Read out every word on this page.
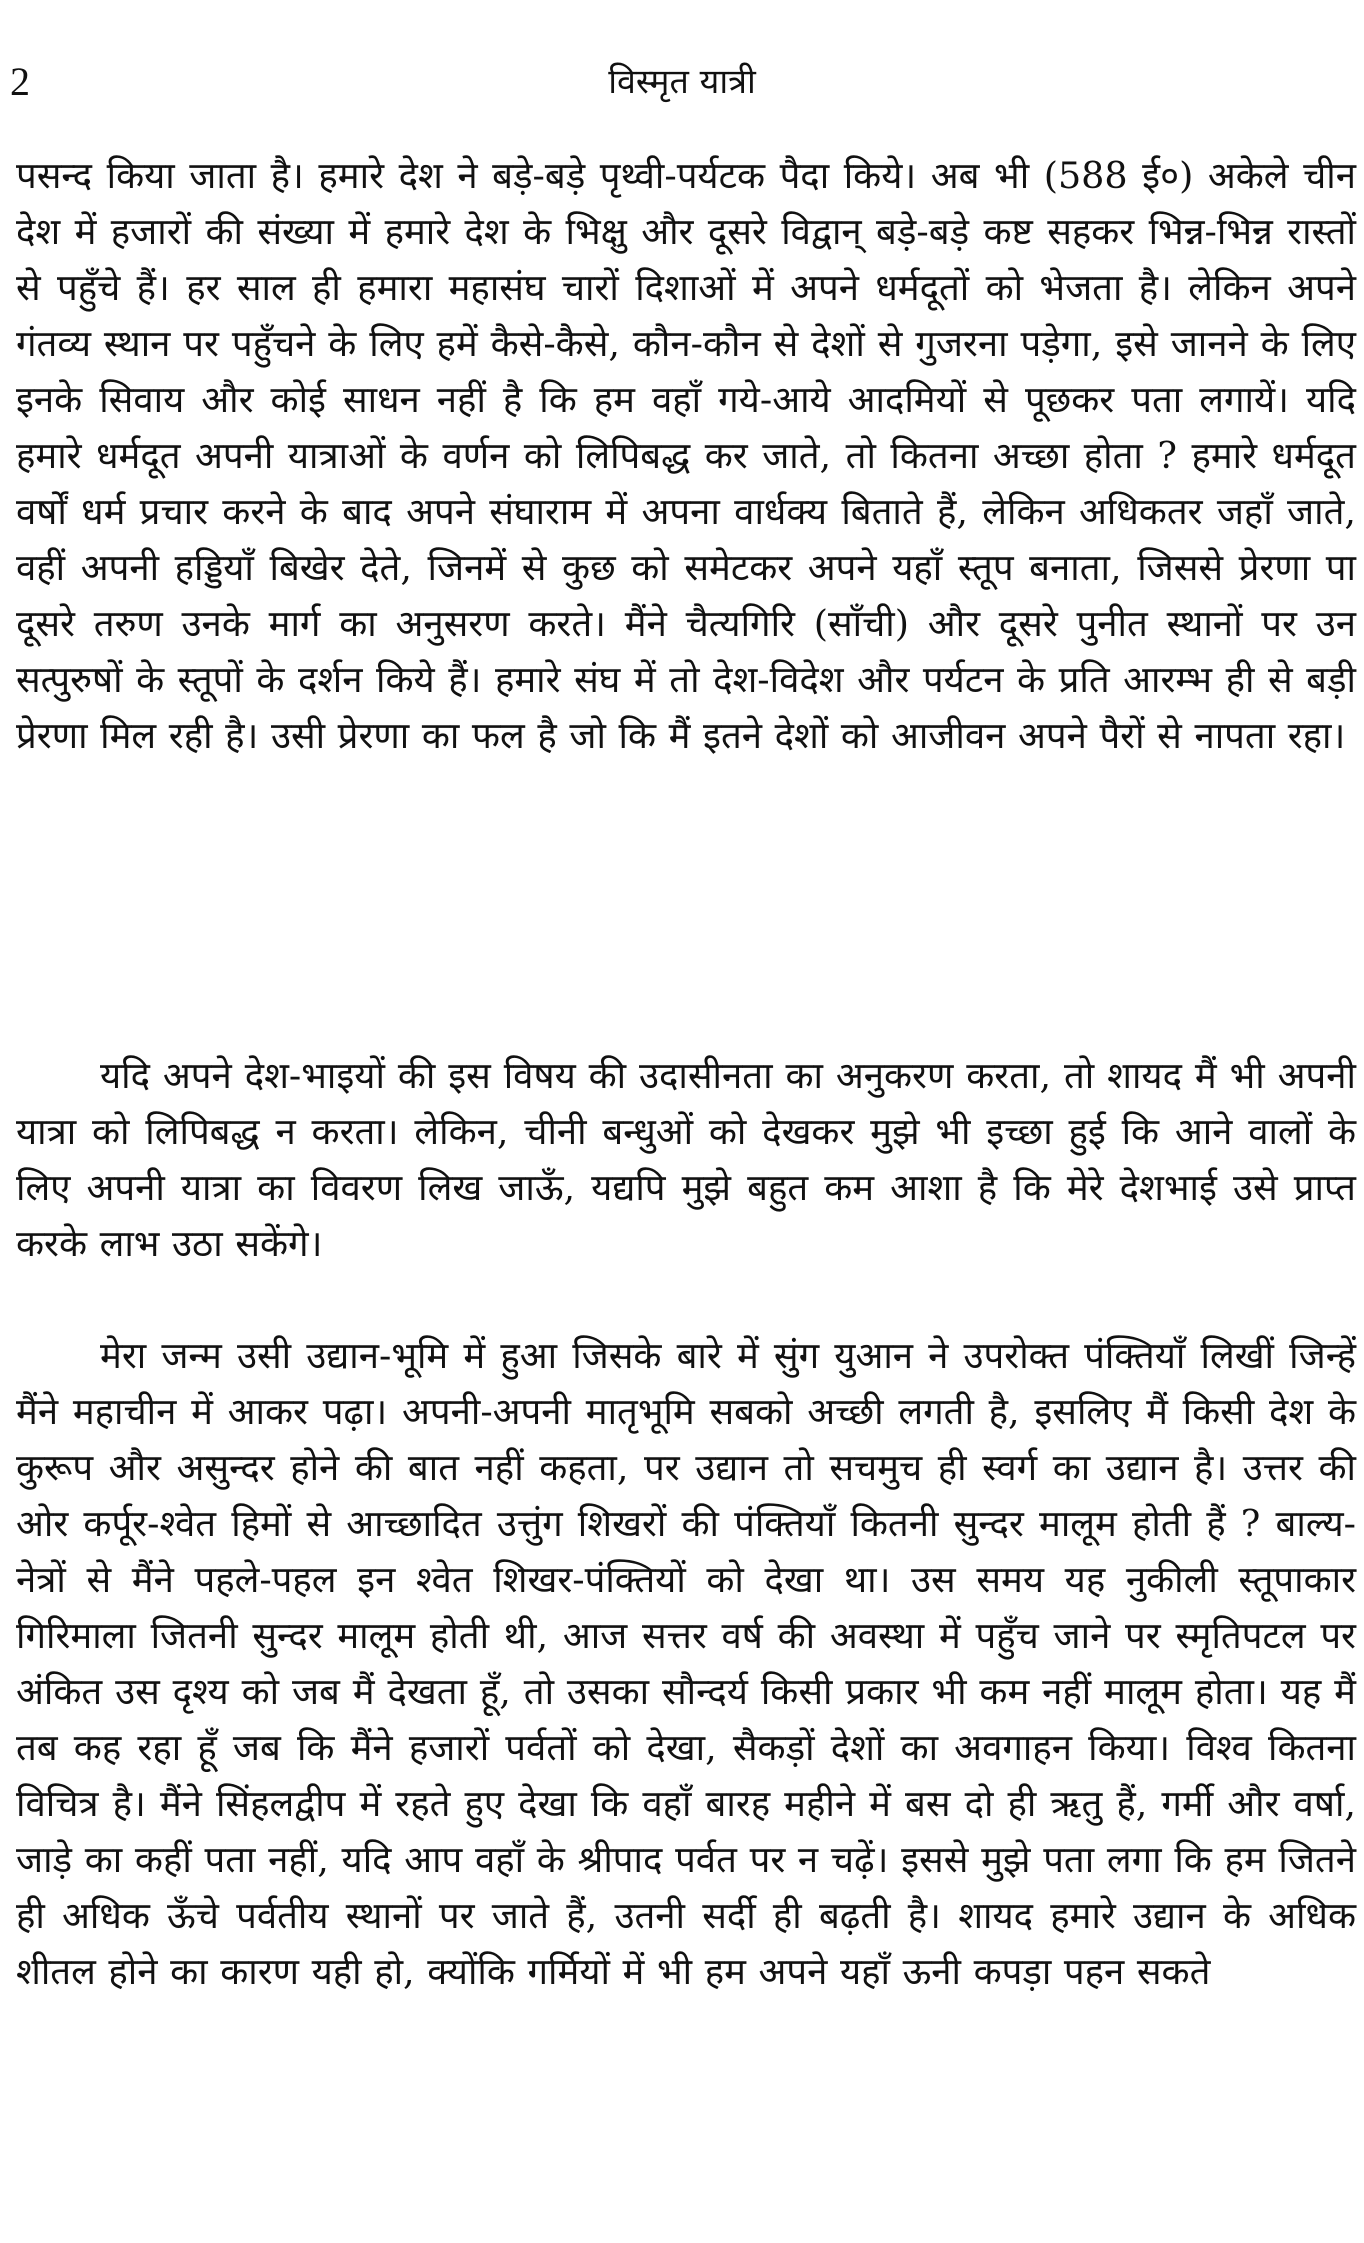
2	विस्मृत यात्री

पसन्द किया जाता है। हमारे देश ने बड़े-बड़े पृथ्वी-पर्यटक पैदा किये। अब भी (588 ई०) अकेले चीन देश में हजारों की संख्या में हमारे देश के भिक्षु और दूसरे विद्वान् बड़े-बड़े कष्ट सहकर भिन्न-भिन्न रास्तों से पहुँचे हैं। हर साल ही हमारा महासंघ चारों दिशाओं में अपने धर्मदूतों को भेजता है। लेकिन अपने गंतव्य स्थान पर पहुँचने के लिए हमें कैसे-कैसे, कौन-कौन से देशों से गुजरना पड़ेगा, इसे जानने के लिए इनके सिवाय और कोई साधन नहीं है कि हम वहाँ गये-आये आदमियों से पूछकर पता लगायें। यदि हमारे धर्मदूत अपनी यात्राओं के वर्णन को लिपिबद्ध कर जाते, तो कितना अच्छा होता ? हमारे धर्मदूत वर्षों धर्म प्रचार करने के बाद अपने संघाराम में अपना वार्धक्य बिताते हैं, लेकिन अधिकतर जहाँ जाते, वहीं अपनी हड्डियाँ बिखेर देते, जिनमें से कुछ को समेटकर अपने यहाँ स्तूप बनाता, जिससे प्रेरणा पा दूसरे तरुण उनके मार्ग का अनुसरण करते। मैंने चैत्यगिरि (साँची) और दूसरे पुनीत स्थानों पर उन सत्पुरुषों के स्तूपों के दर्शन किये हैं। हमारे संघ में तो देश-विदेश और पर्यटन के प्रति आरम्भ ही से बड़ी प्रेरणा मिल रही है। उसी प्रेरणा का फल है जो कि मैं इतने देशों को आजीवन अपने पैरों से नापता रहा।

यदि अपने देश-भाइयों की इस विषय की उदासीनता का अनुकरण करता, तो शायद मैं भी अपनी यात्रा को लिपिबद्ध न करता। लेकिन, चीनी बन्धुओं को देखकर मुझे भी इच्छा हुई कि आने वालों के लिए अपनी यात्रा का विवरण लिख जाऊँ, यद्यपि मुझे बहुत कम आशा है कि मेरे देशभाई उसे प्राप्त करके लाभ उठा सकेंगे।

मेरा जन्म उसी उद्यान-भूमि में हुआ जिसके बारे में सुंग युआन ने उपरोक्त पंक्तियाँ लिखीं जिन्हें मैंने महाचीन में आकर पढ़ा। अपनी-अपनी मातृभूमि सबको अच्छी लगती है, इसलिए मैं किसी देश के कुरूप और असुन्दर होने की बात नहीं कहता, पर उद्यान तो सचमुच ही स्वर्ग का उद्यान है। उत्तर की ओर कर्पूर-श्वेत हिमों से आच्छादित उत्तुंग शिखरों की पंक्तियाँ कितनी सुन्दर मालूम होती हैं ? बाल्य-नेत्रों से मैंने पहले-पहल इन श्वेत शिखर-पंक्तियों को देखा था। उस समय यह नुकीली स्तूपाकार गिरिमाला जितनी सुन्दर मालूम होती थी, आज सत्तर वर्ष की अवस्था में पहुँच जाने पर स्मृतिपटल पर अंकित उस दृश्य को जब मैं देखता हूँ, तो उसका सौन्दर्य किसी प्रकार भी कम नहीं मालूम होता। यह मैं तब कह रहा हूँ जब कि मैंने हजारों पर्वतों को देखा, सैकड़ों देशों का अवगाहन किया। विश्व कितना विचित्र है। मैंने सिंहलद्वीप में रहते हुए देखा कि वहाँ बारह महीने में बस दो ही ऋतु हैं, गर्मी और वर्षा, जाड़े का कहीं पता नहीं, यदि आप वहाँ के श्रीपाद पर्वत पर न चढ़ें। इससे मुझे पता लगा कि हम जितने ही अधिक ऊँचे पर्वतीय स्थानों पर जाते हैं, उतनी सर्दी ही बढ़ती है। शायद हमारे उद्यान के अधिक शीतल होने का कारण यही हो, क्योंकि गर्मियों में भी हम अपने यहाँ ऊनी कपड़ा पहन सकते
